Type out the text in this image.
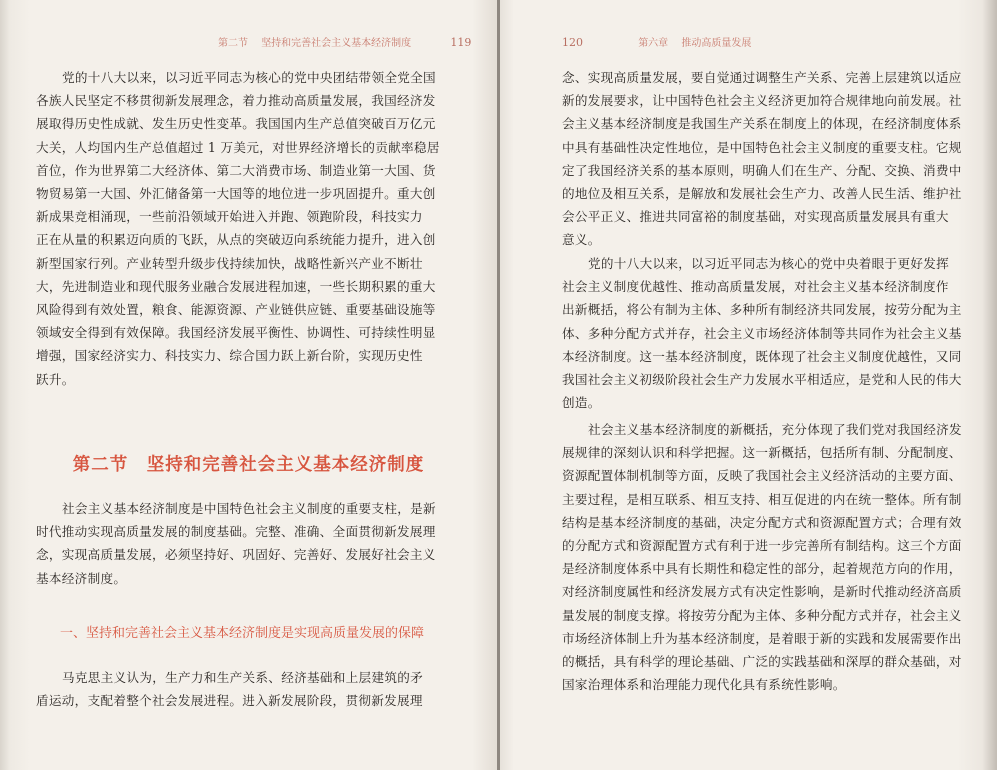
第二节 坚持和完善社会主义基本经济制度	119
党的十八大以来，以习近平同志为核心的党中央团结带领全党全国
各族人民坚定不移贯彻新发展理念，着力推动高质量发展，我国经济发
展取得历史性成就、发生历史性变革。我国国内生产总值突破百万亿元
大关，人均国内生产总值超过 1 万美元，对世界经济增长的贡献率稳居
首位，作为世界第二大经济体、第二大消费市场、制造业第一大国、货
物贸易第一大国、外汇储备第一大国等的地位进一步巩固提升。重大创
新成果竞相涌现，一些前沿领域开始进入并跑、领跑阶段，科技实力
正在从量的积累迈向质的飞跃，从点的突破迈向系统能力提升，进入创
新型国家行列。产业转型升级步伐持续加快，战略性新兴产业不断壮
大，先进制造业和现代服务业融合发展进程加速，一些长期积累的重大
风险得到有效处置，粮食、能源资源、产业链供应链、重要基础设施等
领域安全得到有效保障。我国经济发展平衡性、协调性、可持续性明显
增强，国家经济实力、科技实力、综合国力跃上新台阶，实现历史性
跃升。
第二节　坚持和完善社会主义基本经济制度
社会主义基本经济制度是中国特色社会主义制度的重要支柱，是新
时代推动实现高质量发展的制度基础。完整、准确、全面贯彻新发展理
念，实现高质量发展，必须坚持好、巩固好、完善好、发展好社会主义
基本经济制度。
一、坚持和完善社会主义基本经济制度是实现高质量发展的保障
马克思主义认为，生产力和生产关系、经济基础和上层建筑的矛
盾运动，支配着整个社会发展进程。进入新发展阶段，贯彻新发展理
120	第六章 推动高质量发展
念、实现高质量发展，要自觉通过调整生产关系、完善上层建筑以适应
新的发展要求，让中国特色社会主义经济更加符合规律地向前发展。社
会主义基本经济制度是我国生产关系在制度上的体现，在经济制度体系
中具有基础性决定性地位，是中国特色社会主义制度的重要支柱。它规
定了我国经济关系的基本原则，明确人们在生产、分配、交换、消费中
的地位及相互关系，是解放和发展社会生产力、改善人民生活、维护社
会公平正义、推进共同富裕的制度基础，对实现高质量发展具有重大
意义。
党的十八大以来，以习近平同志为核心的党中央着眼于更好发挥
社会主义制度优越性、推动高质量发展，对社会主义基本经济制度作
出新概括，将公有制为主体、多种所有制经济共同发展，按劳分配为主
体、多种分配方式并存，社会主义市场经济体制等共同作为社会主义基
本经济制度。这一基本经济制度，既体现了社会主义制度优越性，又同
我国社会主义初级阶段社会生产力发展水平相适应，是党和人民的伟大
创造。
社会主义基本经济制度的新概括，充分体现了我们党对我国经济发
展规律的深刻认识和科学把握。这一新概括，包括所有制、分配制度、
资源配置体制机制等方面，反映了我国社会主义经济活动的主要方面、
主要过程，是相互联系、相互支持、相互促进的内在统一整体。所有制
结构是基本经济制度的基础，决定分配方式和资源配置方式；合理有效
的分配方式和资源配置方式有利于进一步完善所有制结构。这三个方面
是经济制度体系中具有长期性和稳定性的部分，起着规范方向的作用，
对经济制度属性和经济发展方式有决定性影响，是新时代推动经济高质
量发展的制度支撑。将按劳分配为主体、多种分配方式并存，社会主义
市场经济体制上升为基本经济制度，是着眼于新的实践和发展需要作出
的概括，具有科学的理论基础、广泛的实践基础和深厚的群众基础，对
国家治理体系和治理能力现代化具有系统性影响。
